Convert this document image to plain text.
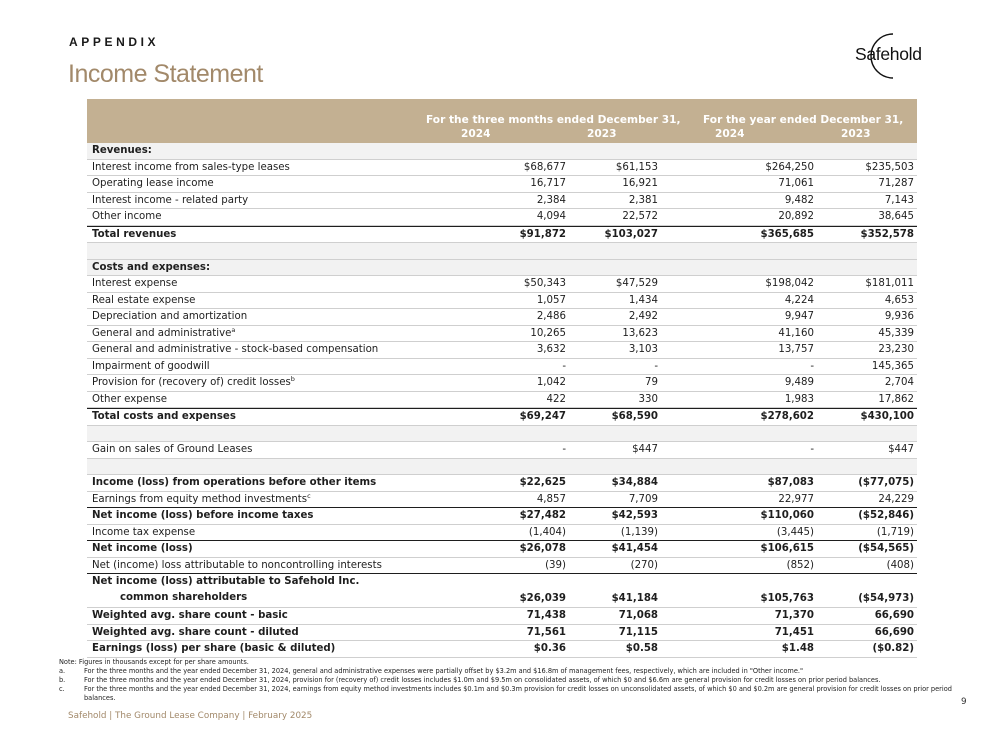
APPENDIX
Income Statement
Safehold
For the three months ended December 31, For the year ended December 31,
2024	2023	2024	2023
Revenues:
Interest income from sales-type leases	$68,677	$61,153	$264,250	$235,503
Operating lease income	16,717	16,921	71,061	71,287
Interest income - related party	2,384	2,381	9,482	7,143
Other income	4,094	22,572	20,892	38,645
Total revenues	$91,872	$103,027	$365,685	$352,578
Costs and expenses:
Interest expense	$50,343	$47,529	$198,042	$181,011
Real estate expense	1,057	1,434	4,224	4,653
Depreciation and amortization	2,486	2,492	9,947	9,936
General and administrative$^a$	10,265	13,623	41,160	45,339
General and administrative - stock-based compensation	3,632	3,103	13,757	23,230
Impairment of goodwill	-	-	-	145,365
Provision for (recovery of) credit losses$^b$	1,042	79	9,489	2,704
Other expense	422	330	1,983	17,862
Total costs and expenses	$69,247	$68,590	$278,602	$430,100
Gain on sales of Ground Leases	-	$447	-	$447
Income (loss) from operations before other items	$22,625	$34,884	$87,083	($77,075)
Earnings from equity method investments$^c$	4,857	7,709	22,977	24,229
Net income (loss) before income taxes	$27,482	$42,593	$110,060	($52,846)
Income tax expense	(1,404)	(1,139)	(3,445)	(1,719)
Net income (loss)	$26,078	$41,454	$106,615	($54,565)
Net (income) loss attributable to noncontrolling interests	(39)	(270)	(852)	(408)
Net income (loss) attributable to Safehold Inc.
common shareholders	$26,039	$41,184	$105,763	($54,973)
Weighted avg. share count - basic	71,438	71,068	71,370	66,690
Weighted avg. share count - diluted	71,561	71,115	71,451	66,690
Earnings (loss) per share (basic & diluted)	$0.36	$0.58	$1.48	($0.82)
Note: Figures in thousands except for per share amounts.
a.	For the three months and the year ended December 31, 2024, general and administrative expenses were partially offset by $3.2m and $16.8m of management fees, respectively, which are included in "Other income."
b.	For the three months and the year ended December 31, 2024, provision for (recovery of) credit losses includes $1.0m and $9.5m on consolidated assets, of which $0 and $6.6m are general provision for credit losses on prior period balances.
c.	For the three months and the year ended December 31, 2024, earnings from equity method investments includes $0.1m and $0.3m provision for credit losses on unconsolidated assets, of which $0 and $0.2m are general provision for credit losses on prior period balances.
Safehold | The Ground Lease Company | February 2025
9
